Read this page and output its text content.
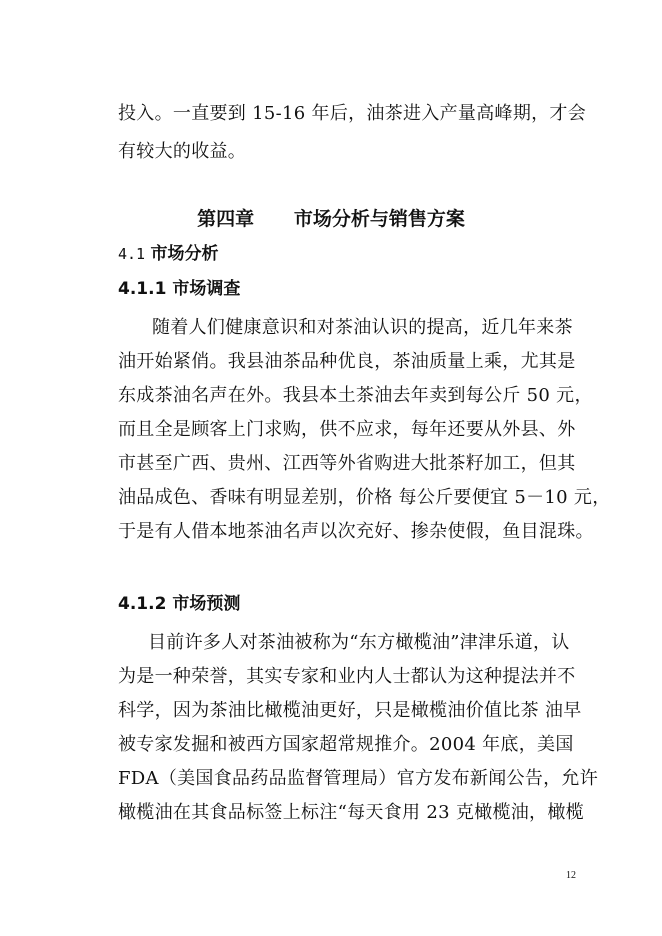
投入。一直要到 15-16 年后，油茶进入产量高峰期，才会
有较大的收益。
第四章      市场分析与销售方案
4.1 市场分析
4.1.1 市场调查
随着人们健康意识和对茶油认识的提高，近几年来茶
油开始紧俏。我县油茶品种优良，茶油质量上乘，尤其是
东成茶油名声在外。我县本土茶油去年卖到每公斤 50 元，
而且全是顾客上门求购，供不应求，每年还要从外县、外
市甚至广西、贵州、江西等外省购进大批茶籽加工，但其
油品成色、香味有明显差别，价格 每公斤要便宜 5－10 元，
于是有人借本地茶油名声以次充好、掺杂使假，鱼目混珠。
4.1.2 市场预测
目前许多人对茶油被称为“东方橄榄油”津津乐道，认
为是一种荣誉，其实专家和业内人士都认为这种提法并不
科学，因为茶油比橄榄油更好，只是橄榄油价值比茶 油早
被专家发掘和被西方国家超常规推介。2004 年底，美国
FDA（美国食品药品监督管理局）官方发布新闻公告，允许
橄榄油在其食品标签上标注“每天食用 23 克橄榄油，橄榄
12
